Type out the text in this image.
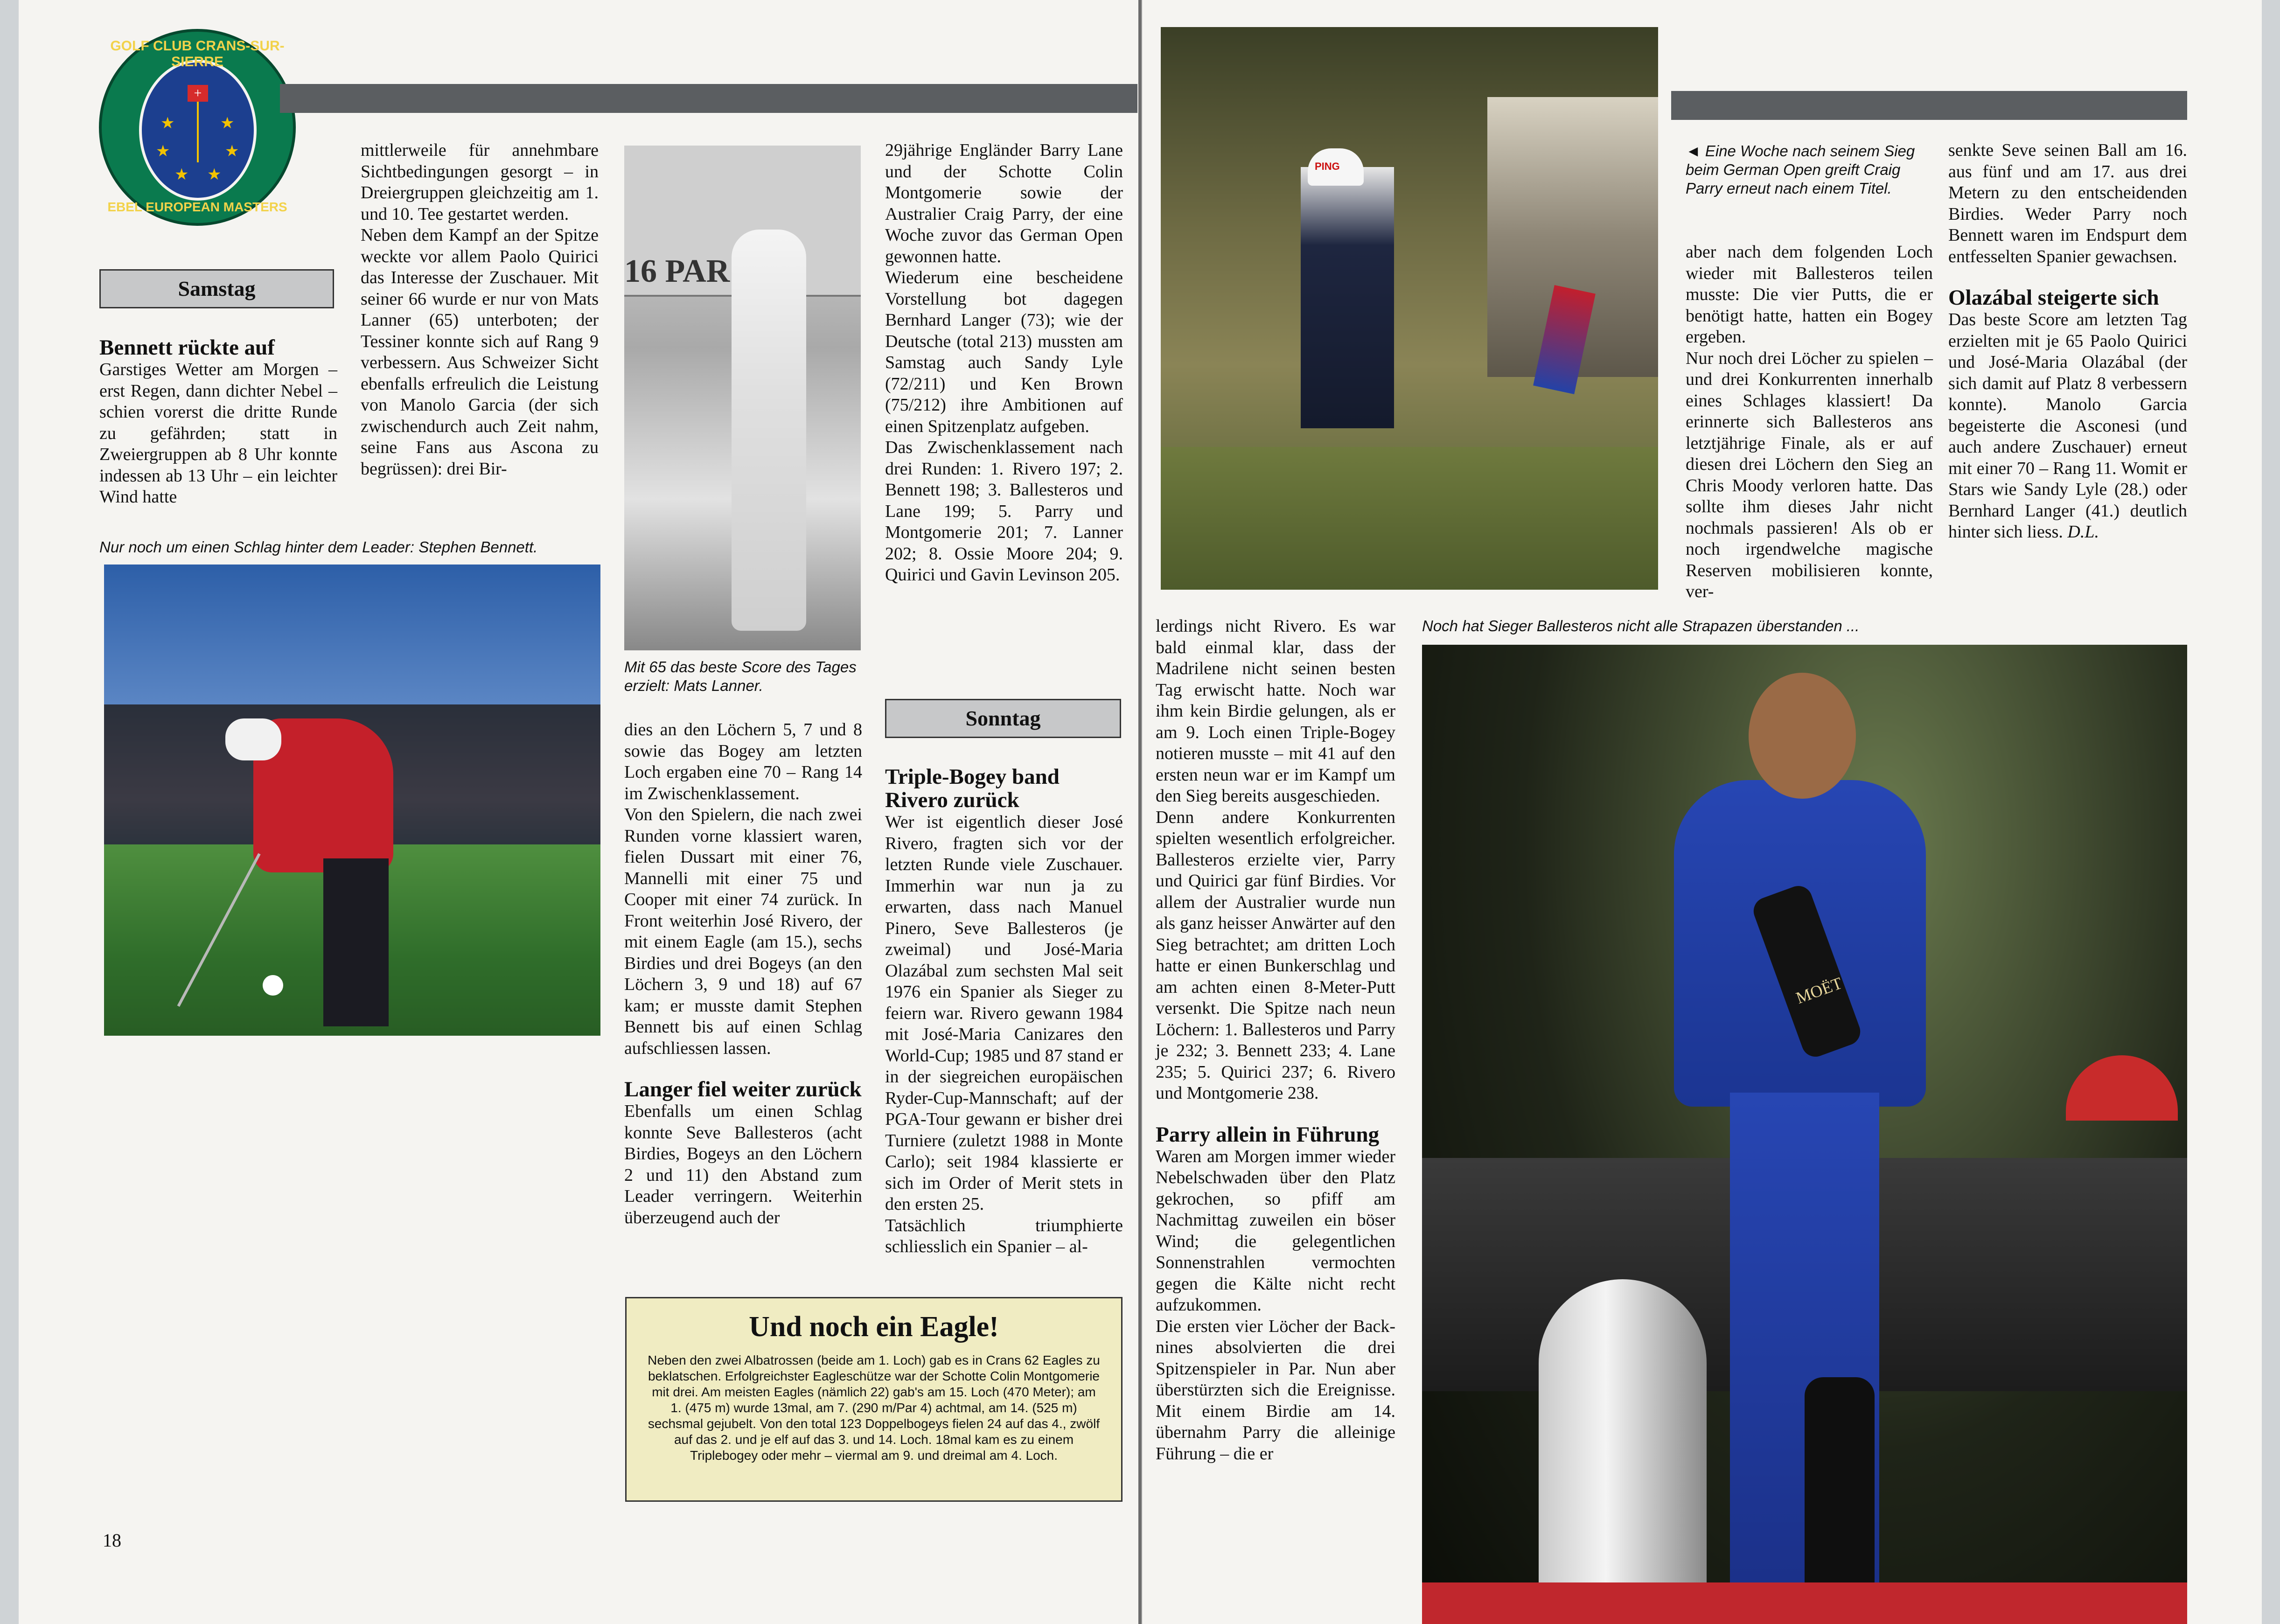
+
★	★
★	★
★ ★
GOLF CLUB CRANS-SUR-SIERRE
EBEL EUROPEAN MASTERS
Samstag

Bennett rückte auf

Garstiges Wetter am Morgen – erst Regen, dann dichter Nebel – schien vorerst die dritte Runde zu gefährden; statt in Zweiergruppen ab 8 Uhr konnte indessen ab 13 Uhr – ein leichter Wind hatte

mittlerweile für annehmbare Sichtbedingungen gesorgt – in Dreiergruppen gleichzeitig am 1. und 10. Tee gestartet werden.

Neben dem Kampf an der Spitze weckte vor allem Paolo Quirici das Interesse der Zuschauer. Mit seiner 66 wurde er nur von Mats Lanner (65) unterboten; der Tessiner konnte sich auf Rang 9 verbessern. Aus Schweizer Sicht ebenfalls erfreulich die Leistung von Manolo Garcia (der sich zwischendurch auch Zeit nahm, seine Fans aus Ascona zu begrüssen): drei Bir-

Nur noch um einen Schlag hinter dem Leader: Stephen Bennett.
16 PAR
Mit 65 das beste Score des Tages erzielt: Mats Lanner.

dies an den Löchern 5, 7 und 8 sowie das Bogey am letzten Loch ergaben eine 70 – Rang 14 im Zwischenklassement.

Von den Spielern, die nach zwei Runden vorne klassiert waren, fielen Dussart mit einer 76, Mannelli mit einer 75 und Cooper mit einer 74 zurück. In Front weiterhin José Rivero, der mit einem Eagle (am 15.), sechs Birdies und drei Bogeys (an den Löchern 3, 9 und 18) auf 67 kam; er musste damit Stephen Bennett bis auf einen Schlag aufschliessen lassen.

Langer fiel weiter zurück

Ebenfalls um einen Schlag konnte Seve Ballesteros (acht Birdies, Bogeys an den Löchern 2 und 11) den Abstand zum Leader verringern. Weiterhin überzeugend auch der

29jährige Engländer Barry Lane und der Schotte Colin Montgomerie sowie der Australier Craig Parry, der eine Woche zuvor das German Open gewonnen hatte.

Wiederum eine bescheidene Vorstellung bot dagegen Bernhard Langer (73); wie der Deutsche (total 213) mussten am Samstag auch Sandy Lyle (72/211) und Ken Brown (75/212) ihre Ambitionen auf einen Spitzenplatz aufgeben.

Das Zwischenklassement nach drei Runden: 1. Rivero 197; 2. Bennett 198; 3. Ballesteros und Lane 199; 5. Parry und Montgomerie 201; 7. Lanner 202; 8. Ossie Moore 204; 9. Quirici und Gavin Levinson 205.

Sonntag

Triple-Bogey band Rivero zurück

Wer ist eigentlich dieser José Rivero, fragten sich vor der letzten Runde viele Zuschauer. Immerhin war nun ja zu erwarten, dass nach Manuel Pinero, Seve Ballesteros (je zweimal) und José-Maria Olazábal zum sechsten Mal seit 1976 ein Spanier als Sieger zu feiern war. Rivero gewann 1984 mit José-Maria Canizares den World-Cup; 1985 und 87 stand er in der siegreichen europäischen Ryder-Cup-Mannschaft; auf der PGA-Tour gewann er bisher drei Turniere (zuletzt 1988 in Monte Carlo); seit 1984 klassierte er sich im Order of Merit stets in den ersten 25.

Tatsächlich triumphierte schliesslich ein Spanier – al-

Und noch ein Eagle!
Neben den zwei Albatrossen (beide am 1. Loch) gab es in Crans 62 Eagles zu beklatschen. Erfolgreichster Eagleschütze war der Schotte Colin Montgomerie mit drei. Am meisten Eagles (nämlich 22) gab's am 15. Loch (470 Meter); am 1. (475 m) wurde 13mal, am 7. (290 m/Par 4) achtmal, am 14. (525 m) sechsmal gejubelt. Von den total 123 Doppelbogeys fielen 24 auf das 4., zwölf auf das 2. und je elf auf das 3. und 14. Loch. 18mal kam es zu einem Triplebogey oder mehr – viermal am 9. und dreimal am 4. Loch.
18
PING
◄ Eine Woche nach seinem Sieg beim German Open greift Craig Parry erneut nach einem Titel.

aber nach dem folgenden Loch wieder mit Ballesteros teilen musste: Die vier Putts, die er benötigt hatte, hatten ein Bogey ergeben.

Nur noch drei Löcher zu spielen – und drei Konkurrenten innerhalb eines Schlages klassiert! Da erinnerte sich Ballesteros ans letztjährige Finale, als er auf diesen drei Löchern den Sieg an Chris Moody verloren hatte. Das sollte ihm dieses Jahr nicht nochmals passieren! Als ob er noch irgendwelche magische Reserven mobilisieren konnte, ver-

senkte Seve seinen Ball am 16. aus fünf und am 17. aus drei Metern zu den entscheidenden Birdies. Weder Parry noch Bennett waren im Endspurt dem entfesselten Spanier gewachsen.

Olazábal steigerte sich

Das beste Score am letzten Tag erzielten mit je 65 Paolo Quirici und José-Maria Olazábal (der sich damit auf Platz 8 verbessern konnte). Manolo Garcia begeisterte die Asconesi (und auch andere Zuschauer) erneut mit einer 70 – Rang 11. Womit er Stars wie Sandy Lyle (28.) oder Bernhard Langer (41.) deutlich hinter sich liess. D.L.

Noch hat Sieger Ballesteros nicht alle Strapazen überstanden ...

lerdings nicht Rivero. Es war bald einmal klar, dass der Madrilene nicht seinen besten Tag erwischt hatte. Noch war ihm kein Birdie gelungen, als er am 9. Loch einen Triple-Bogey notieren musste – mit 41 auf den ersten neun war er im Kampf um den Sieg bereits ausgeschieden.

Denn andere Konkurrenten spielten wesentlich erfolgreicher. Ballesteros erzielte vier, Parry und Quirici gar fünf Birdies. Vor allem der Australier wurde nun als ganz heisser Anwärter auf den Sieg betrachtet; am dritten Loch hatte er einen Bunkerschlag und am achten einen 8-Meter-Putt versenkt. Die Spitze nach neun Löchern: 1. Ballesteros und Parry je 232; 3. Bennett 233; 4. Lane 235; 5. Quirici 237; 6. Rivero und Montgomerie 238.

Parry allein in Führung

Waren am Morgen immer wieder Nebelschwaden über den Platz gekrochen, so pfiff am Nachmittag zuweilen ein böser Wind; die gelegentlichen Sonnenstrahlen vermochten gegen die Kälte nicht recht aufzukommen.

Die ersten vier Löcher der Back-nines absolvierten die drei Spitzenspieler in Par. Nun aber überstürzten sich die Ereignisse. Mit einem Birdie am 14. übernahm Parry die alleinige Führung – die er

MOËT
